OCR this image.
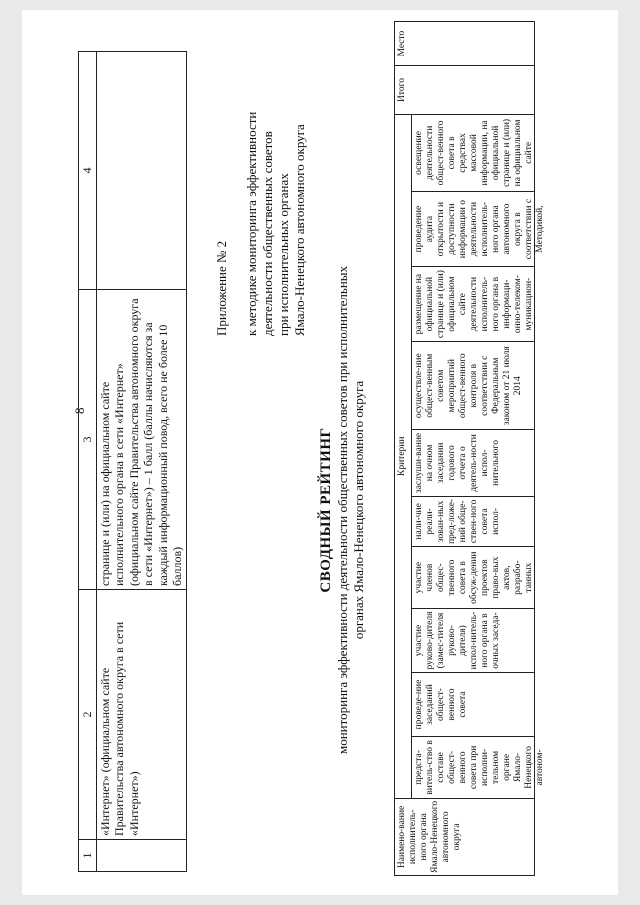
8
1	2	3	4
	«Интернет» (официальном сайте Правительства автономного округа в сети «Интернет»)	странице и (или) на официальном сайте исполнительного органа в сети «Интернет» (официальном сайте Правительства автономного округа в сети «Интернет») – 1 балл (баллы начисляются за каждый информационный повод, всего не более 10 баллов)	
Приложение № 2 к методике мониторинга эффективности деятельности общественных советов при исполнительных органах Ямало-Ненецкого автономного округа
СВОДНЫЙ РЕЙТИНГ мониторинга эффективности деятельности общественных советов при исполнительных органах Ямало-Ненецкого автономного округа
Наимено-вание исполнитель-ного органа Ямало-Ненецкого автономного округа	Критерии										Итого	Место

	предста-витель-ство в составе общест-венного совета при исполни-тельном органе Ямало-Ненецкого автоном-	проведе-ние заседаний общест-венного совета	участие руково-дителя (замес-тителя руково-дителя) испол-нитель-ного органа в очных заседа-	участие членов общес-твенного совета в обсуж-дении проектов право-вых актов, разрабо-танных	нали-чие реали-зован-ных пред-ложе-ний обще-ствен-ного совета испол-	заслуши-вание на очном заседании годового отчета о деятель-ности испол-нительного	осуществле-ние общест-венным советом мероприятий общест-венного контроля в соответствии с Федеральным законом от 21 июля 2014	размещение на официальной странице и (или) официальном сайте деятельности исполнитель-ного органа в информаци-онно-телеком-муникацион-	проведение аудита открытости и доступности информации о деятельности исполнитель-ного органа автономного округа в соответствии с Методикой,	освещение деятельности общест-венного совета в средствах массовой информации, на официальной странице и (или) на официальном сайте		
